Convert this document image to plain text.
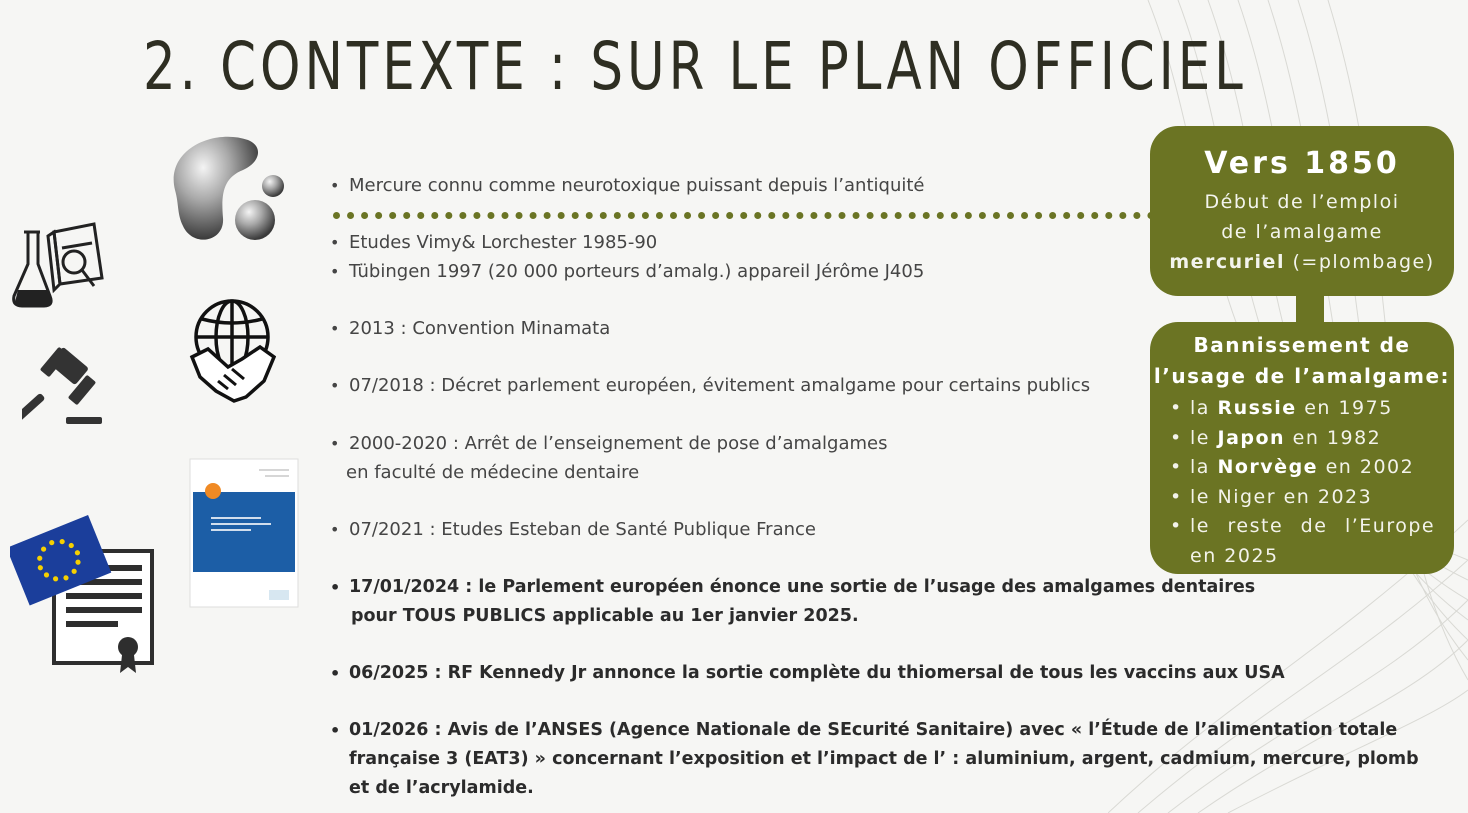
2. CONTEXTE : SUR LE PLAN OFFICIEL
• Mercure connu comme neurotoxique puissant depuis l’antiquité
• Etudes Vimy& Lorchester 1985-90
• Tübingen 1997 (20 000 porteurs d’amalg.) appareil Jérôme J405
• 2013 : Convention Minamata
• 07/2018 : Décret parlement européen, évitement amalgame pour certains publics
• 2000-2020 : Arrêt de l’enseignement de pose d’amalgames
en faculté de médecine dentaire
• 07/2021 : Etudes Esteban de Santé Publique France
• 17/01/2024 : le Parlement européen énonce une sortie de l’usage des amalgames dentaires
pour TOUS PUBLICS applicable au 1er janvier 2025.
• 06/2025 : RF Kennedy Jr annonce la sortie complète du thiomersal de tous les vaccins aux USA
• 01/2026 : Avis de l’ANSES (Agence Nationale de SEcurité Sanitaire) avec « l’Étude de l’alimentation totale
française 3 (EAT3) » concernant l’exposition et l’impact de l’ : aluminium, argent, cadmium, mercure, plomb
et de l’acrylamide.
Vers 1850
Début de l’emploi
de l’amalgame
mercuriel (=plombage)
Bannissement de
l’usage de l’amalgame:
• la Russie en 1975
• le Japon en 1982
• la Norvège en 2002
• le Niger en 2023
• le reste de l’Europe
en 2025
